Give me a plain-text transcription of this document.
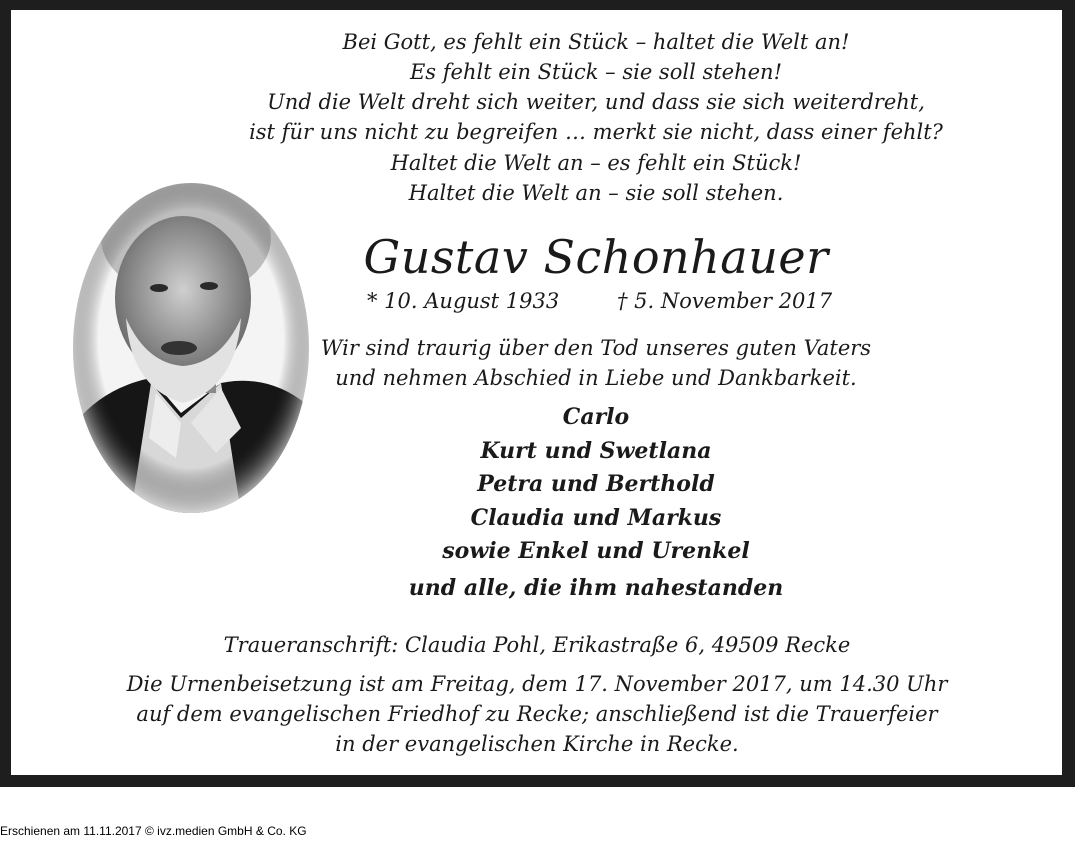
Bei Gott, es fehlt ein Stück – haltet die Welt an!
Es fehlt ein Stück – sie soll stehen!
Und die Welt dreht sich weiter, und dass sie sich weiterdreht,
ist für uns nicht zu begreifen … merkt sie nicht, dass einer fehlt?
Haltet die Welt an – es fehlt ein Stück!
Haltet die Welt an – sie soll stehen.
Gustav Schonhauer
* 10. August 1933	† 5. November 2017
Wir sind traurig über den Tod unseres guten Vaters
und nehmen Abschied in Liebe und Dankbarkeit.
Carlo
Kurt und Swetlana
Petra und Berthold
Claudia und Markus
sowie Enkel und Urenkel
und alle, die ihm nahestanden
Traueranschrift: Claudia Pohl, Erikastraße 6, 49509 Recke
Die Urnenbeisetzung ist am Freitag, dem 17. November 2017, um 14.30 Uhr
auf dem evangelischen Friedhof zu Recke; anschließend ist die Trauerfeier
in der evangelischen Kirche in Recke.
Erschienen am 11.11.2017 © ivz.medien GmbH & Co. KG
